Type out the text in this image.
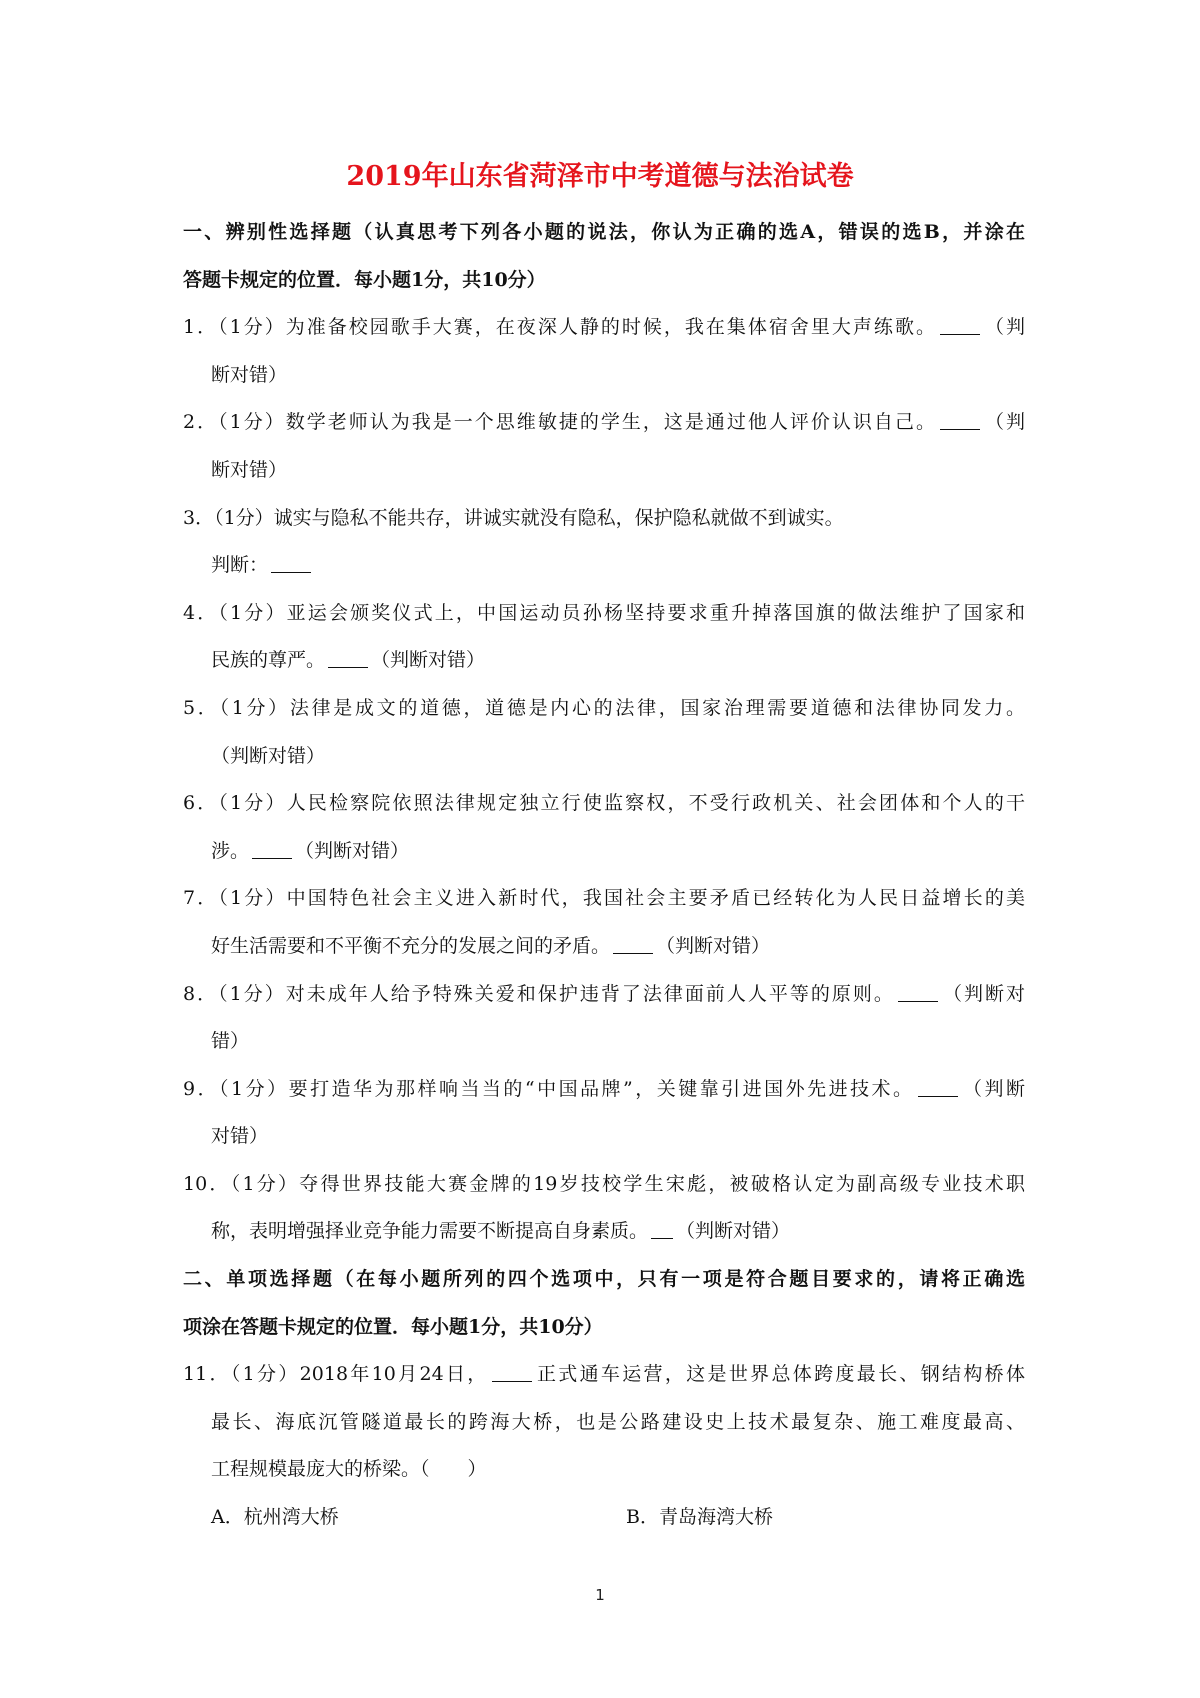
2019年山东省菏泽市中考道德与法治试卷
一、辨别性选择题（认真思考下列各小题的说法，你认为正确的选A，错误的选B，并涂在
答题卡规定的位置．每小题1分，共10分）
1．（1分）为准备校园歌手大赛，在夜深人静的时候，我在集体宿舍里大声练歌。 （判
断对错）
2．（1分）数学老师认为我是一个思维敏捷的学生，这是通过他人评价认识自己。 （判
断对错）
3．（1分）诚实与隐私不能共存，讲诚实就没有隐私，保护隐私就做不到诚实。
判断：
4．（1分）亚运会颁奖仪式上，中国运动员孙杨坚持要求重升掉落国旗的做法维护了国家和
民族的尊严。 （判断对错）
5．（1分）法律是成文的道德，道德是内心的法律，国家治理需要道德和法律协同发力。
（判断对错）
6．（1分）人民检察院依照法律规定独立行使监察权，不受行政机关、社会团体和个人的干
涉。 （判断对错）
7．（1分）中国特色社会主义进入新时代，我国社会主要矛盾已经转化为人民日益增长的美
好生活需要和不平衡不充分的发展之间的矛盾。 （判断对错）
8．（1分）对未成年人给予特殊关爱和保护违背了法律面前人人平等的原则。 （判断对
错）
9．（1分）要打造华为那样响当当的“中国品牌”，关键靠引进国外先进技术。 （判断
对错）
10．（1分）夺得世界技能大赛金牌的19岁技校学生宋彪，被破格认定为副高级专业技术职
称，表明增强择业竞争能力需要不断提高自身素质。 （判断对错）
二、单项选择题（在每小题所列的四个选项中，只有一项是符合题目要求的，请将正确选
项涂在答题卡规定的位置．每小题1分，共10分）
11．（1分）2018年10月24日， 正式通车运营，这是世界总体跨度最长、钢结构桥体
最长、海底沉管隧道最长的跨海大桥，也是公路建设史上技术最复杂、施工难度最高、
工程规模最庞大的桥梁。（　　）
A．杭州湾大桥	B．青岛海湾大桥
1
